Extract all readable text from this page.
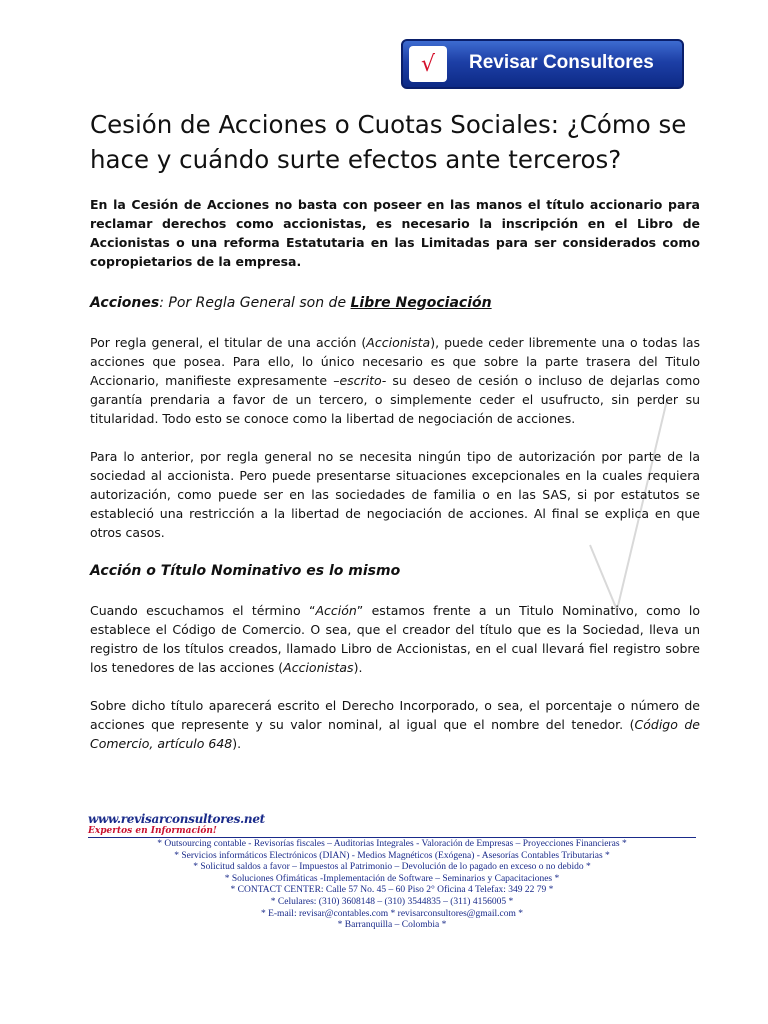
√	Revisar Consultores
Cesión de Acciones o Cuotas Sociales: ¿Cómo se hace y cuándo surte efectos ante terceros?

En la Cesión de Acciones no basta con poseer en las manos el título accionario para reclamar derechos como accionistas, es necesario la inscripción en el Libro de Accionistas o una reforma Estatutaria en las Limitadas para ser considerados como copropietarios de la empresa.

Acciones: Por Regla General son de Libre Negociación

Por regla general, el titular de una acción (Accionista), puede ceder libremente una o todas las acciones que posea. Para ello, lo único necesario es que sobre la parte trasera del Titulo Accionario, manifieste expresamente –escrito- su deseo de cesión o incluso de dejarlas como garantía prendaria a favor de un tercero, o simplemente ceder el usufructo, sin perder su titularidad. Todo esto se conoce como la libertad de negociación de acciones.

Para lo anterior, por regla general no se necesita ningún tipo de autorización por parte de la sociedad al accionista. Pero puede presentarse situaciones excepcionales en la cuales requiera autorización, como puede ser en las sociedades de familia o en las SAS, si por estatutos se estableció una restricción a la libertad de negociación de acciones. Al final se explica en que otros casos.

Acción o Título Nominativo es lo mismo

Cuando escuchamos el término “Acción” estamos frente a un Titulo Nominativo, como lo establece el Código de Comercio. O sea, que el creador del título que es la Sociedad, lleva un registro de los títulos creados, llamado Libro de Accionistas, en el cual llevará fiel registro sobre los tenedores de las acciones (Accionistas).

Sobre dicho título aparecerá escrito el Derecho Incorporado, o sea, el porcentaje o número de acciones que represente y su valor nominal, al igual que el nombre del tenedor. (Código de Comercio, artículo 648).

www.revisarconsultores.net
Expertos en Información!
* Outsourcing contable - Revisorías fiscales – Auditorias Integrales - Valoración de Empresas – Proyecciones Financieras *
* Servicios informáticos Electrónicos (DIAN) - Medios Magnéticos (Exógena) - Asesorías Contables Tributarias *
* Solicitud saldos a favor – Impuestos al Patrimonio – Devolución de lo pagado en exceso o no debido *
* Soluciones Ofimáticas -Implementación de Software – Seminarios y Capacitaciones *
* CONTACT CENTER: Calle 57 No. 45 – 60 Piso 2° Oficina 4 Telefax: 349 22 79 *
* Celulares: (310) 3608148 – (310) 3544835 – (311) 4156005 *
* E-mail: revisar@contables.com * revisarconsultores@gmail.com *
* Barranquilla – Colombia *
